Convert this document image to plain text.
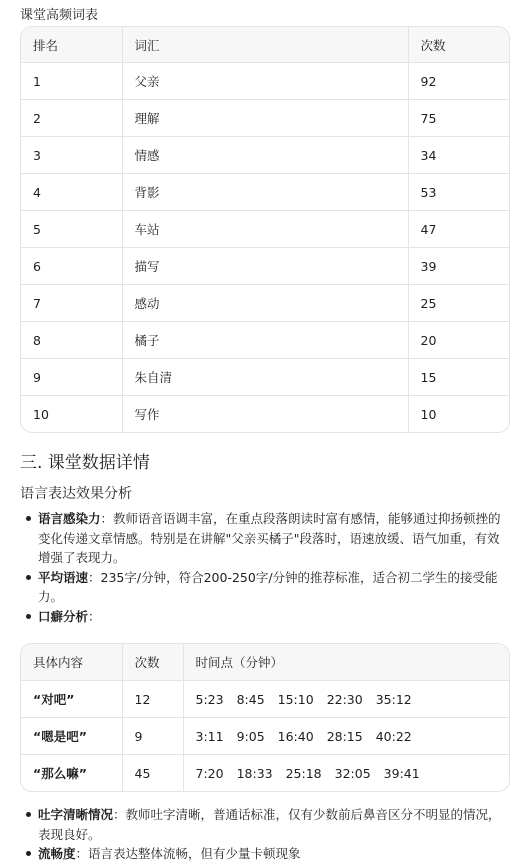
课堂高频词表
排名	词汇	次数
1	父亲	92
2	理解	75
3	情感	34
4	背影	53
5	车站	47
6	描写	39
7	感动	25
8	橘子	20
9	朱自清	15
10	写作	10
三. 课堂数据详情
语言表达效果分析
语言感染力：教师语音语调丰富，在重点段落朗读时富有感情，能够通过抑扬顿挫的变化传递文章情感。特别是在讲解"父亲买橘子"段落时，语速放缓、语气加重，有效增强了表现力。
平均语速：235字/分钟，符合200-250字/分钟的推荐标准，适合初二学生的接受能力。
口癖分析：
具体内容	次数	时间点（分钟）
“对吧”	12	5:23 8:45 15:10 22:30 35:12
“嗯是吧”	9	3:11 9:05 16:40 28:15 40:22
“那么嘛”	45	7:20 18:33 25:18 32:05 39:41
吐字清晰情况：教师吐字清晰，普通话标准，仅有少数前后鼻音区分不明显的情况，表现良好。
流畅度：语言表达整体流畅，但有少量卡顿现象
